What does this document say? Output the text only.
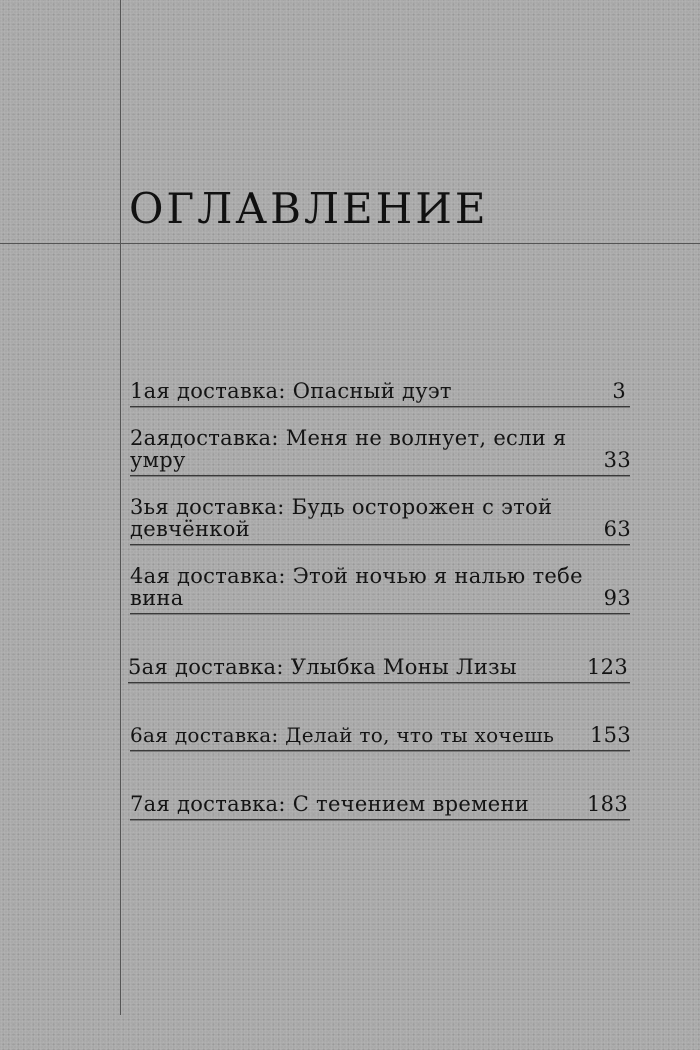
ОГЛАВЛЕНИЕ
1ая доставка: Опасный дуэт	3
2аядоставка: Меня не волнует, если я умру	33
3ья доставка: Будь осторожен с этой девчёнкой	63
4ая доставка: Этой ночью я налью тебе вина	93
5ая доставка: Улыбка Моны Лизы	123
6ая доставка: Делай то, что ты хочешь 153
7ая доставка: С течением времени	183
